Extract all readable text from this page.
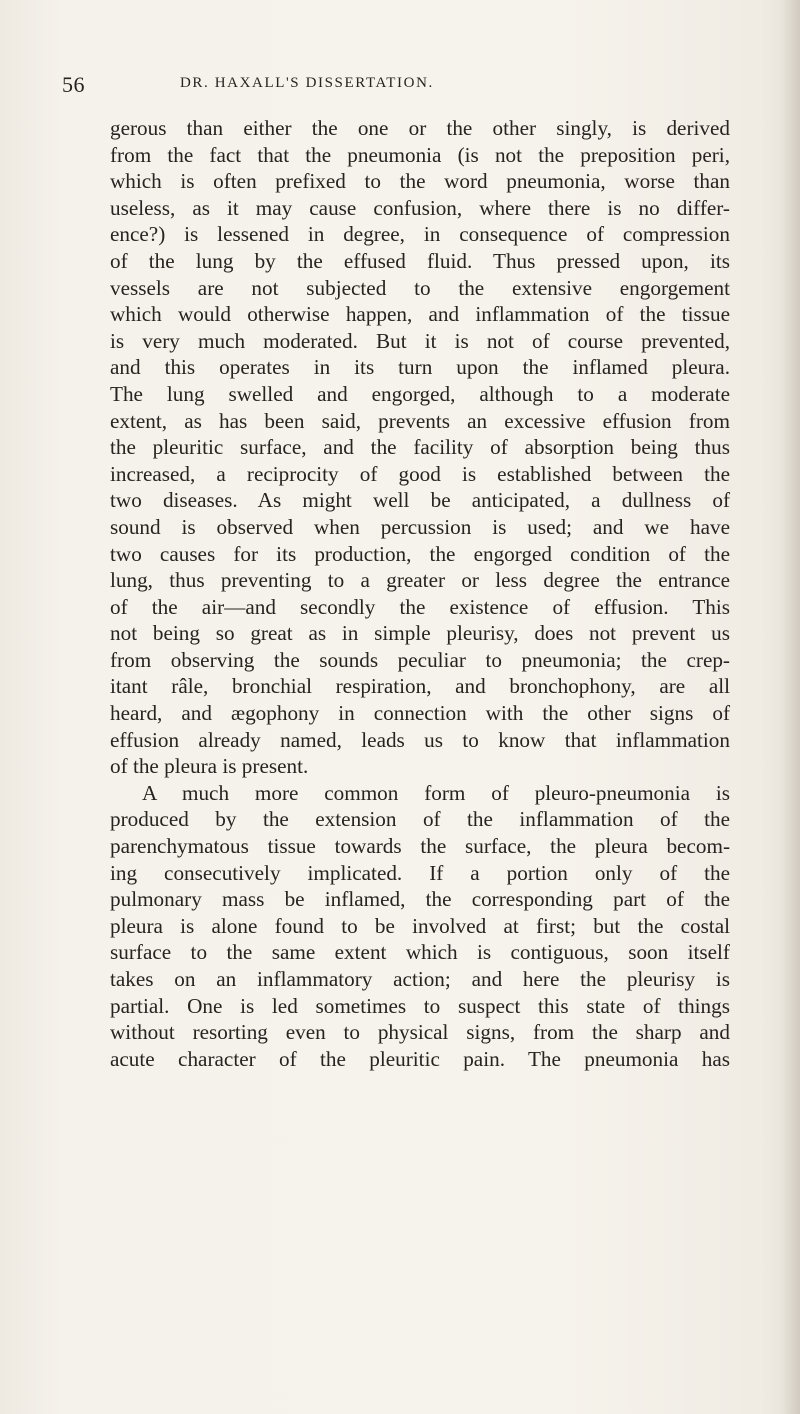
56	DR. HAXALL'S DISSERTATION.
gerous than either the one or the other singly, is derived
from the fact that the pneumonia (is not the preposition peri,
which is often prefixed to the word pneumonia, worse than
useless, as it may cause confusion, where there is no differ-
ence?) is lessened in degree, in consequence of compression
of the lung by the effused fluid. Thus pressed upon, its
vessels are not subjected to the extensive engorgement
which would otherwise happen, and inflammation of the tissue
is very much moderated. But it is not of course prevented,
and this operates in its turn upon the inflamed pleura.
The lung swelled and engorged, although to a moderate
extent, as has been said, prevents an excessive effusion from
the pleuritic surface, and the facility of absorption being thus
increased, a reciprocity of good is established between the
two diseases. As might well be anticipated, a dullness of
sound is observed when percussion is used; and we have
two causes for its production, the engorged condition of the
lung, thus preventing to a greater or less degree the entrance
of the air—and secondly the existence of effusion. This
not being so great as in simple pleurisy, does not prevent us
from observing the sounds peculiar to pneumonia; the crep-
itant râle, bronchial respiration, and bronchophony, are all
heard, and ægophony in connection with the other signs of
effusion already named, leads us to know that inflammation
of the pleura is present.
A much more common form of pleuro-pneumonia is
produced by the extension of the inflammation of the
parenchymatous tissue towards the surface, the pleura becom-
ing consecutively implicated. If a portion only of the
pulmonary mass be inflamed, the corresponding part of the
pleura is alone found to be involved at first; but the costal
surface to the same extent which is contiguous, soon itself
takes on an inflammatory action; and here the pleurisy is
partial. One is led sometimes to suspect this state of things
without resorting even to physical signs, from the sharp and
acute character of the pleuritic pain. The pneumonia has
